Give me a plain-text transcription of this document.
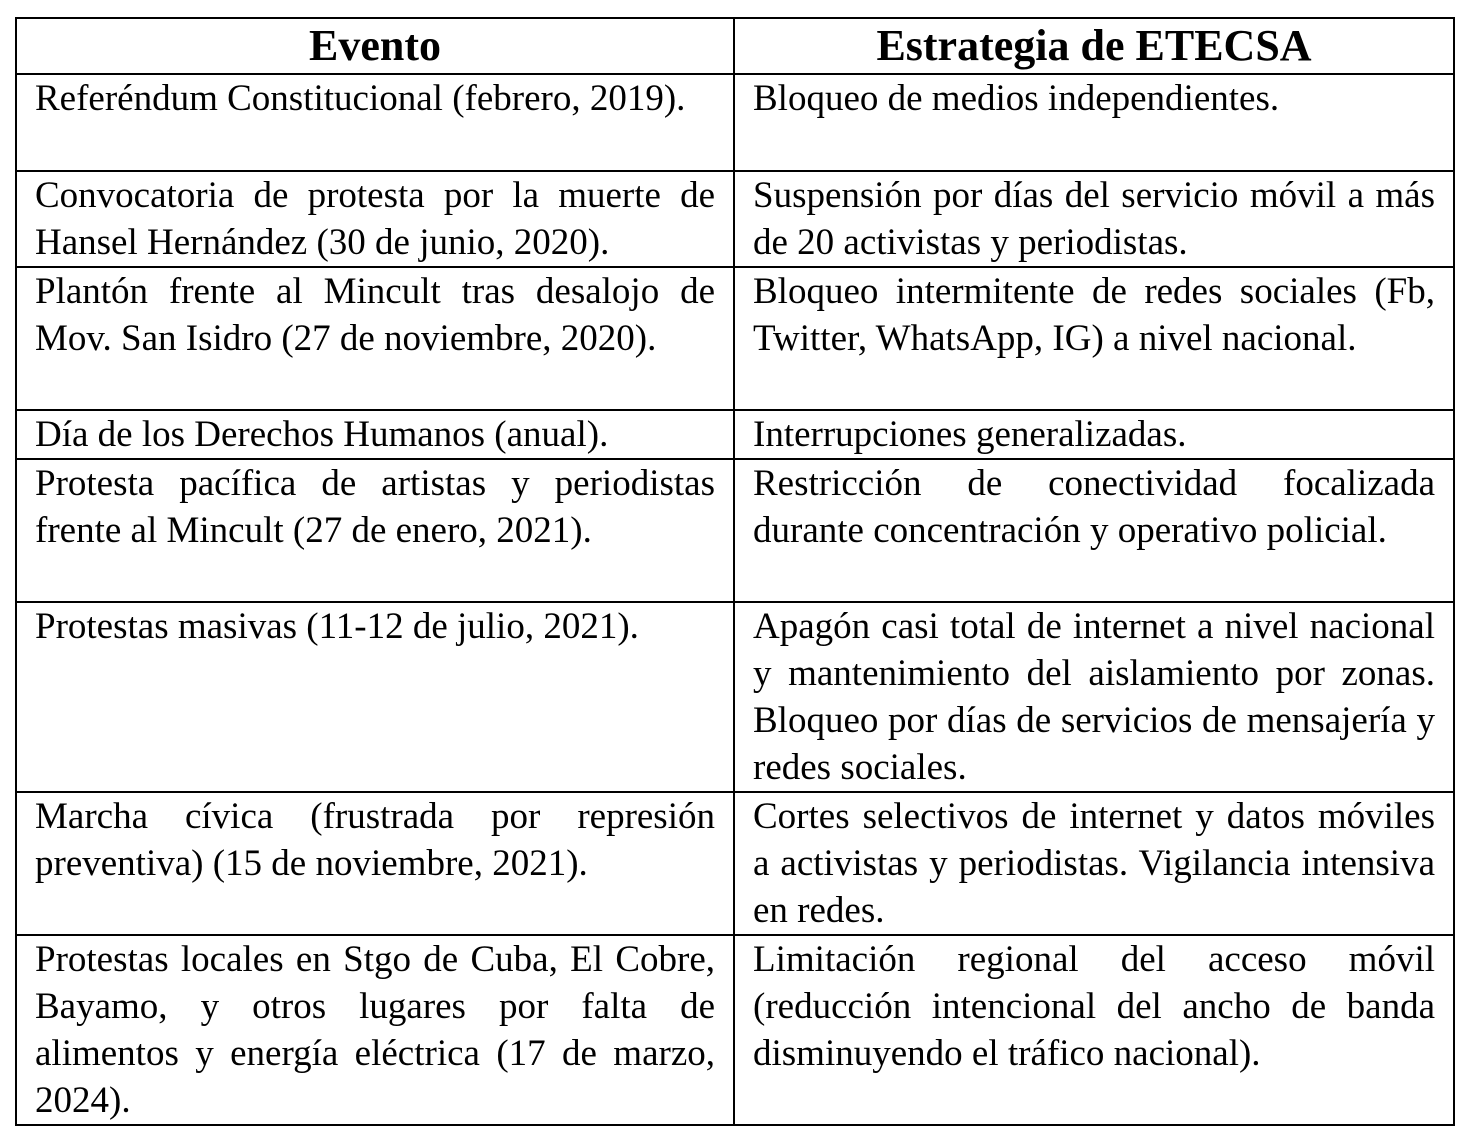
Evento	Estrategia de ETECSA
Referéndum Constitucional (febrero, 2019).	Bloqueo de medios independientes.
Convocatoria de protesta por la muerte de Hansel Hernández (30 de junio, 2020).	Suspensión por días del servicio móvil a más de 20 activistas y periodistas.
Plantón frente al Mincult tras desalojo de Mov. San Isidro (27 de noviembre, 2020).	Bloqueo intermitente de redes sociales (Fb, Twitter, WhatsApp, IG) a nivel nacional.
Día de los Derechos Humanos (anual).	Interrupciones generalizadas.
Protesta pacífica de artistas y periodistas frente al Mincult (27 de enero, 2021).	Restricción de conectividad focalizada durante concentración y operativo policial.
Protestas masivas (11-12 de julio, 2021).	Apagón casi total de internet a nivel nacional y mantenimiento del aislamiento por zonas. Bloqueo por días de servicios de mensajería y redes sociales.
Marcha cívica (frustrada por represión preventiva) (15 de noviembre, 2021).	Cortes selectivos de internet y datos móviles a activistas y periodistas. Vigilancia intensiva en redes.
Protestas locales en Stgo de Cuba, El Cobre, Bayamo, y otros lugares por falta de alimentos y energía eléctrica (17 de marzo, 2024).	Limitación regional del acceso móvil (reducción intencional del ancho de banda disminuyendo el tráfico nacional).
